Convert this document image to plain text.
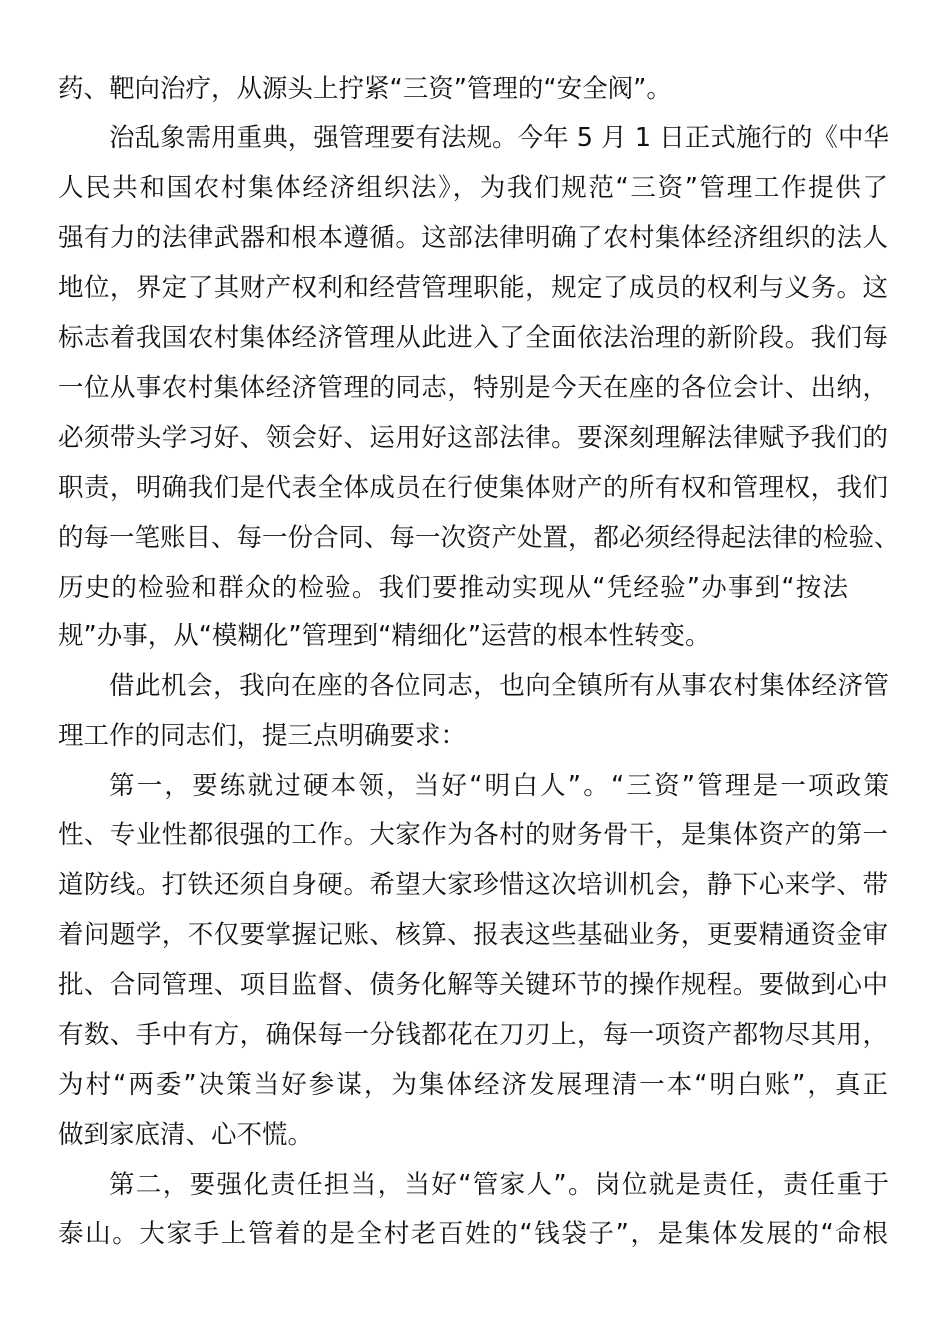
药、靶向治疗，从源头上拧紧“三资”管理的“安全阀”。
治乱象需用重典，强管理要有法规。今年 5 月 1 日正式施行的《中华
人民共和国农村集体经济组织法》，为我们规范“三资”管理工作提供了
强有力的法律武器和根本遵循。这部法律明确了农村集体经济组织的法人
地位，界定了其财产权利和经营管理职能，规定了成员的权利与义务。这
标志着我国农村集体经济管理从此进入了全面依法治理的新阶段。我们每
一位从事农村集体经济管理的同志，特别是今天在座的各位会计、出纳，
必须带头学习好、领会好、运用好这部法律。要深刻理解法律赋予我们的
职责，明确我们是代表全体成员在行使集体财产的所有权和管理权，我们
的每一笔账目、每一份合同、每一次资产处置，都必须经得起法律的检验、
历史的检验和群众的检验。我们要推动实现从“凭经验”办事到“按法
规”办事，从“模糊化”管理到“精细化”运营的根本性转变。
借此机会，我向在座的各位同志，也向全镇所有从事农村集体经济管
理工作的同志们，提三点明确要求：
第一，要练就过硬本领，当好“明白人”。“三资”管理是一项政策
性、专业性都很强的工作。大家作为各村的财务骨干，是集体资产的第一
道防线。打铁还须自身硬。希望大家珍惜这次培训机会，静下心来学、带
着问题学，不仅要掌握记账、核算、报表这些基础业务，更要精通资金审
批、合同管理、项目监督、债务化解等关键环节的操作规程。要做到心中
有数、手中有方，确保每一分钱都花在刀刃上，每一项资产都物尽其用，
为村“两委”决策当好参谋，为集体经济发展理清一本“明白账”，真正
做到家底清、心不慌。
第二，要强化责任担当，当好“管家人”。岗位就是责任，责任重于
泰山。大家手上管着的是全村老百姓的“钱袋子”，是集体发展的“命根
